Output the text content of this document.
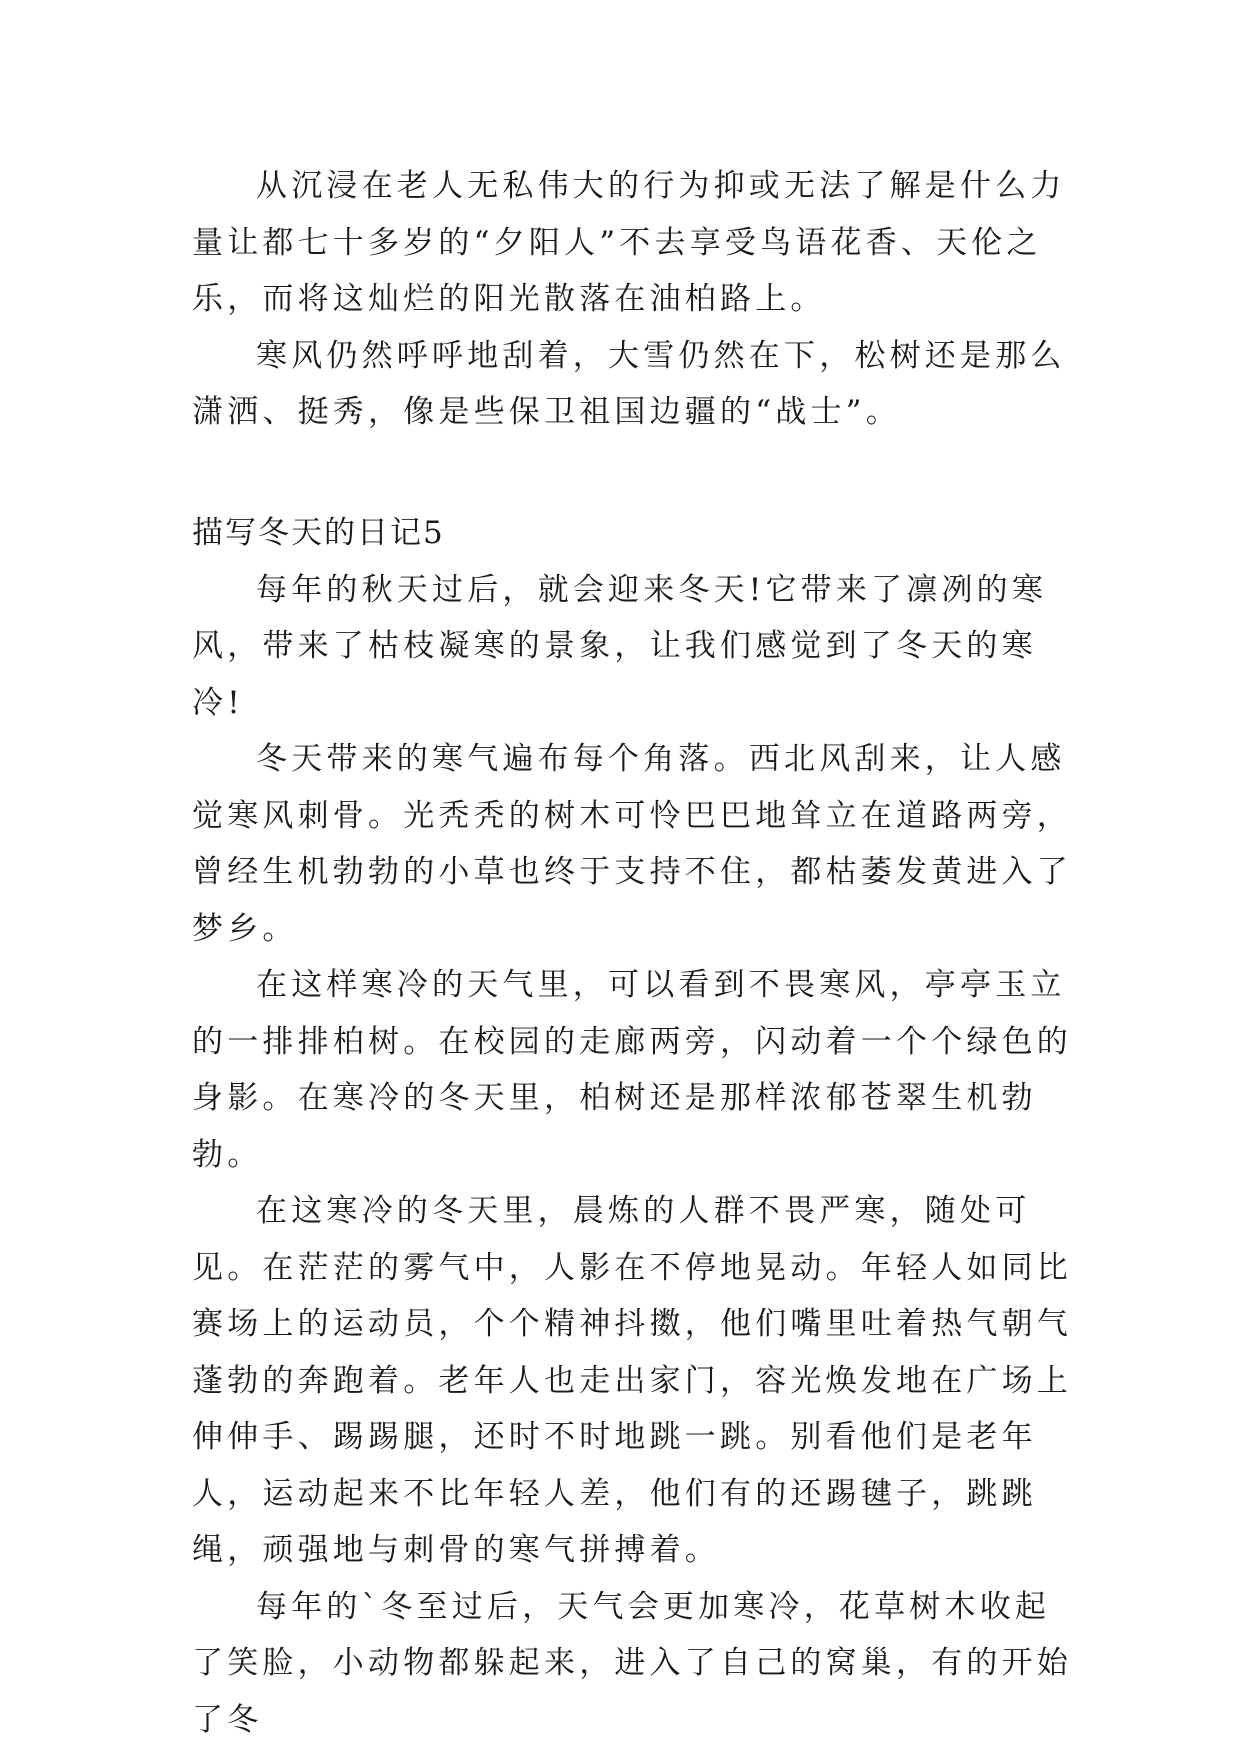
从沉浸在老人无私伟大的行为抑或无法了解是什么力量让都七十多岁的“夕阳人”不去享受鸟语花香、天伦之乐，而将这灿烂的阳光散落在油柏路上。

寒风仍然呼呼地刮着，大雪仍然在下，松树还是那么潇洒、挺秀，像是些保卫祖国边疆的“战士”。

描写冬天的日记5

每年的秋天过后，就会迎来冬天!它带来了凛冽的寒风，带来了枯枝凝寒的景象，让我们感觉到了冬天的寒冷!

冬天带来的寒气遍布每个角落。西北风刮来，让人感觉寒风刺骨。光秃秃的树木可怜巴巴地耸立在道路两旁，曾经生机勃勃的小草也终于支持不住，都枯萎发黄进入了梦乡。

在这样寒冷的天气里，可以看到不畏寒风，亭亭玉立的一排排柏树。在校园的走廊两旁，闪动着一个个绿色的身影。在寒冷的冬天里，柏树还是那样浓郁苍翠生机勃勃。

在这寒冷的冬天里，晨炼的人群不畏严寒，随处可见。在茫茫的雾气中，人影在不停地晃动。年轻人如同比赛场上的运动员，个个精神抖擞，他们嘴里吐着热气朝气蓬勃的奔跑着。老年人也走出家门，容光焕发地在广场上伸伸手、踢踢腿，还时不时地跳一跳。别看他们是老年人，运动起来不比年轻人差，他们有的还踢毽子，跳跳绳，顽强地与刺骨的寒气拼搏着。

每年的`冬至过后，天气会更加寒冷，花草树木收起了笑脸，小动物都躲起来，进入了自己的窝巢，有的开始了冬
